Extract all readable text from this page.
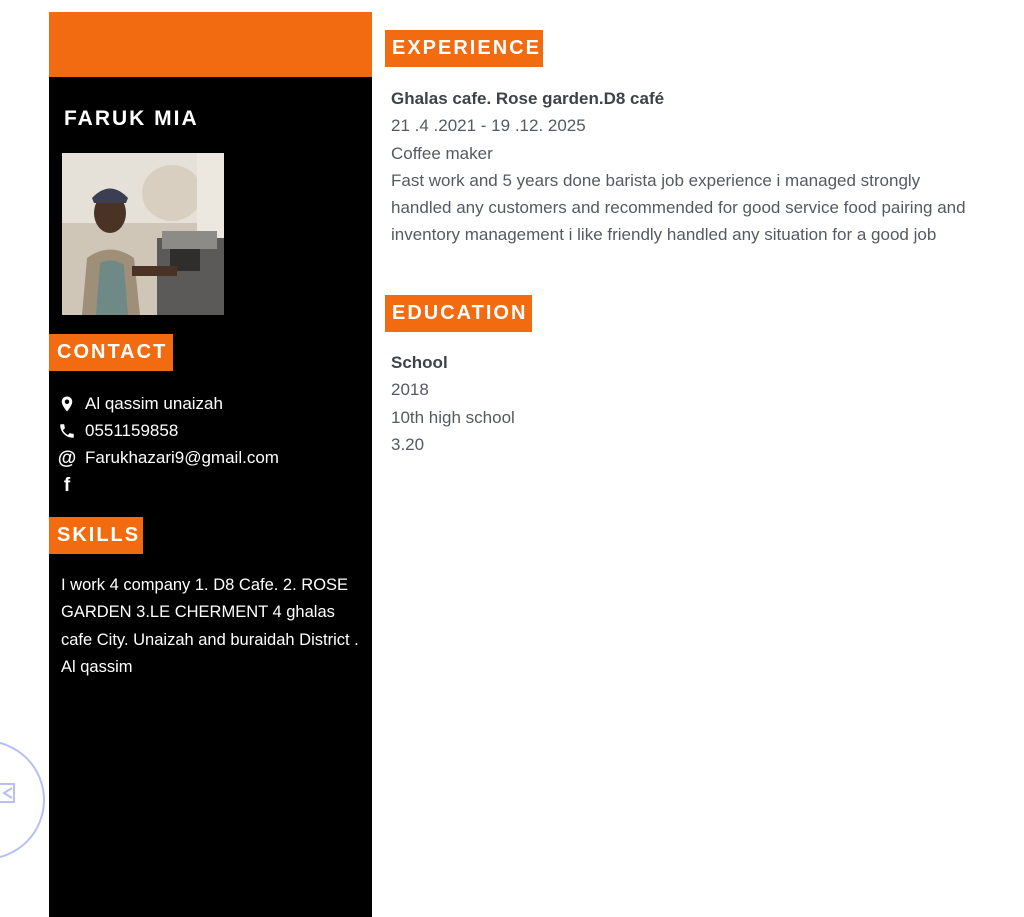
FARUK MIA
CONTACT
Al qassim unaizah
0551159858
@ Farukhazari9@gmail.com
f
SKILLS
I work 4 company 1. D8 Cafe. 2. ROSE GARDEN 3.LE CHERMENT 4 ghalas cafe City. Unaizah and buraidah District . Al qassim
EXPERIENCE
Ghalas cafe. Rose garden.D8 café
21 .4 .2021 - 19 .12. 2025
Coffee maker
Fast work and 5 years done barista job experience i managed strongly handled any customers and recommended for good service food pairing and inventory management i like friendly handled any situation for a good job
EDUCATION
School
2018
10th high school
3.20
